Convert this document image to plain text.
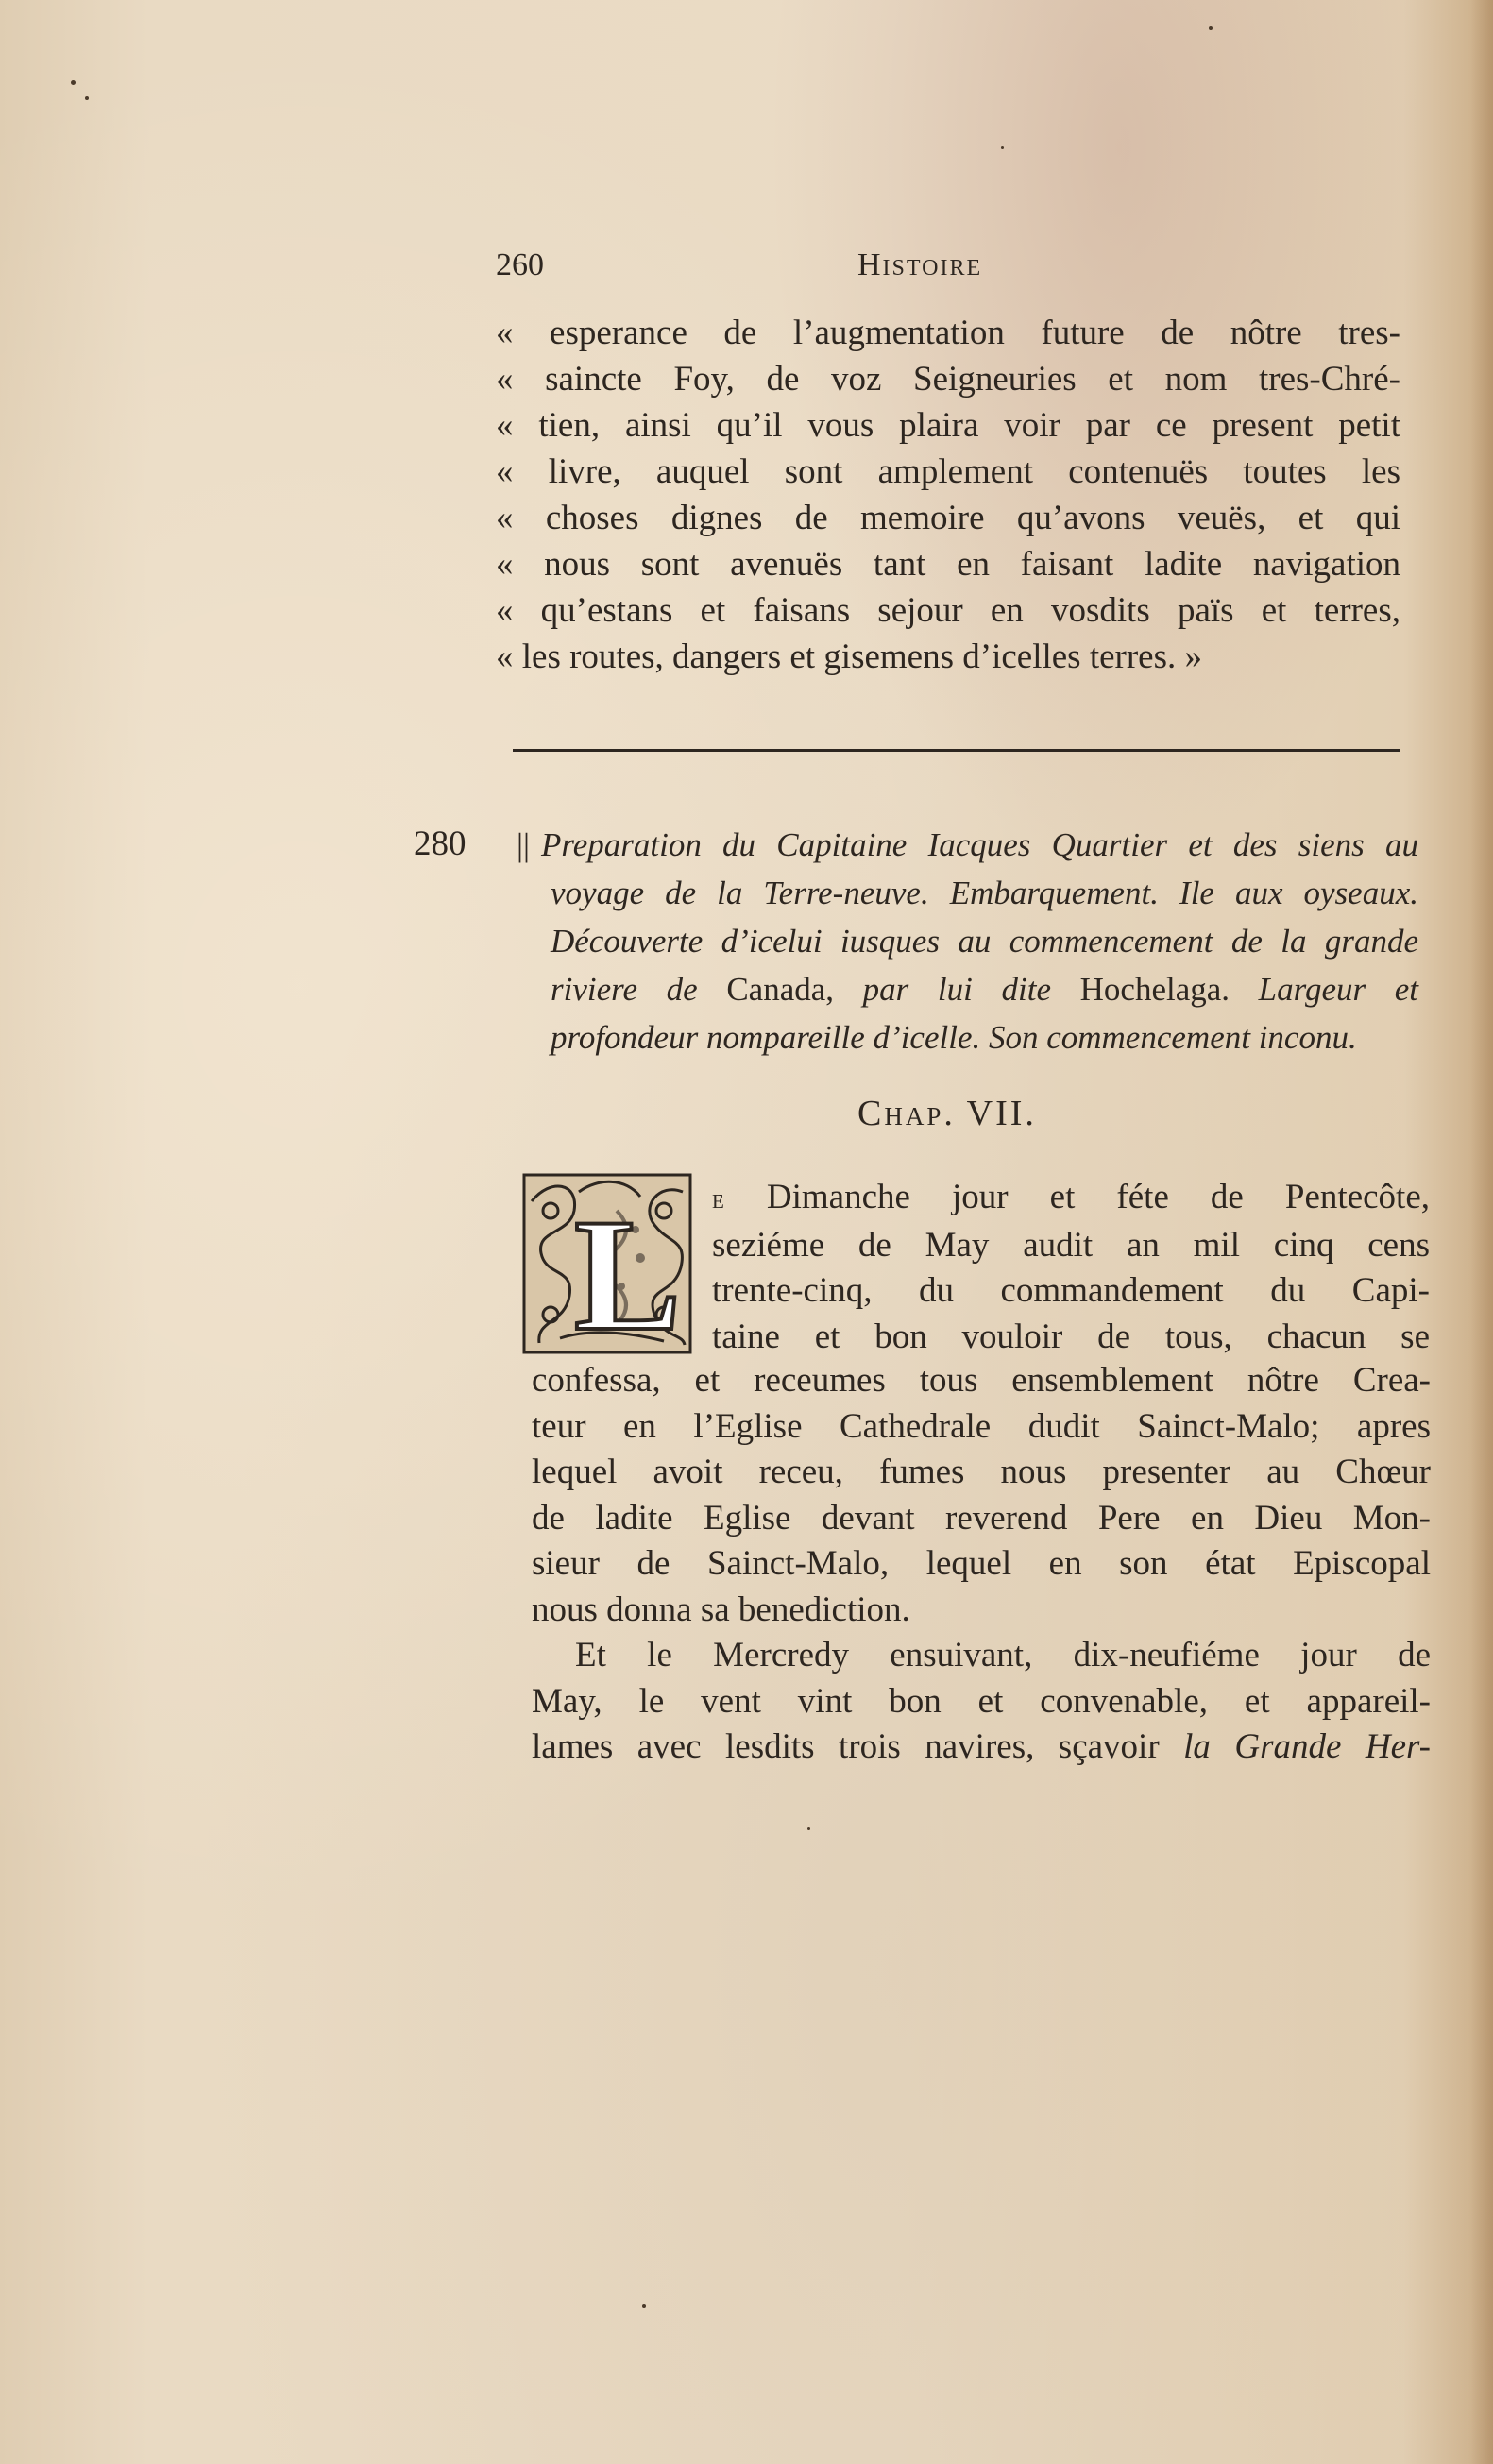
260	Histoire
« esperance de l’augmentation future de nôtre tres-
« saincte Foy, de voz Seigneuries et nom tres-Chré-
« tien, ainsi qu’il vous plaira voir par ce present petit
« livre, auquel sont amplement contenuës toutes les
« choses dignes de memoire qu’avons veuës, et qui
« nous sont avenuës tant en faisant ladite navigation
« qu’estans et faisans sejour en vosdits païs et terres,
« les routes, dangers et gisemens d’icelles terres. »
280 || Preparation du Capitaine Iacques Quartier et des siens au
voyage de la Terre-neuve. Embarquement. Ile aux oyseaux.
Découverte d’icelui iusques au commencement de la grande
riviere de Canada, par lui dite Hochelaga. Largeur et
profondeur nompareille d’icelle. Son commencement inconu.
Chap. VII.
L e Dimanche jour et féte de Pentecôte,
seziéme de May audit an mil cinq cens
trente-cinq, du commandement du Capi-
taine et bon vouloir de tous, chacun se
confessa, et receumes tous ensemblement nôtre Crea-
teur en l’Eglise Cathedrale dudit Sainct-Malo; apres
lequel avoit receu, fumes nous presenter au Chœur
de ladite Eglise devant reverend Pere en Dieu Mon-
sieur de Sainct-Malo, lequel en son état Episcopal
nous donna sa benediction.
Et le Mercredy ensuivant, dix-neufiéme jour de
May, le vent vint bon et convenable, et appareil-
lames avec lesdits trois navires, sçavoir la Grande Her-
